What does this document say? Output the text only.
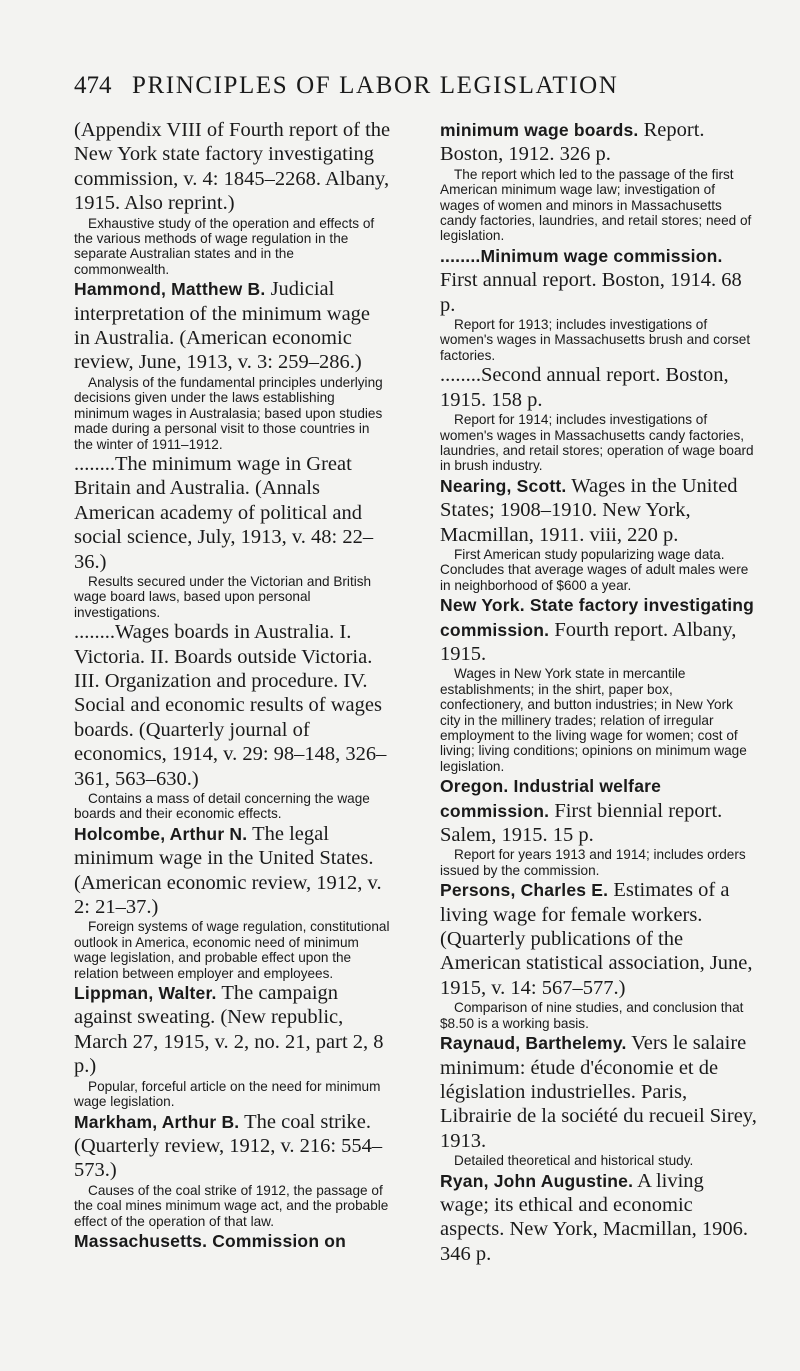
474 PRINCIPLES OF LABOR LEGISLATION

(Appendix VIII of Fourth report of the New York state factory investigating commission, v. 4: 1845–2268. Albany, 1915. Also reprint.)

Exhaustive study of the operation and effects of the various methods of wage regulation in the separate Australian states and in the commonwealth.

Hammond, Matthew B. Judicial interpretation of the minimum wage in Australia. (American economic review, June, 1913, v. 3: 259–286.)

Analysis of the fundamental principles underlying decisions given under the laws establishing minimum wages in Australasia; based upon studies made during a personal visit to those countries in the winter of 1911–1912.

........The minimum wage in Great Britain and Australia. (Annals American academy of political and social science, July, 1913, v. 48: 22–36.)

Results secured under the Victorian and British wage board laws, based upon personal investigations.

........Wages boards in Australia. I. Victoria. II. Boards outside Victoria. III. Organization and procedure. IV. Social and economic results of wages boards. (Quarterly journal of economics, 1914, v. 29: 98–148, 326–361, 563–630.)

Contains a mass of detail concerning the wage boards and their economic effects.

Holcombe, Arthur N. The legal minimum wage in the United States. (American economic review, 1912, v. 2: 21–37.)

Foreign systems of wage regulation, constitutional outlook in America, economic need of minimum wage legislation, and probable effect upon the relation between employer and employees.

Lippman, Walter. The campaign against sweating. (New republic, March 27, 1915, v. 2, no. 21, part 2, 8 p.)

Popular, forceful article on the need for minimum wage legislation.

Markham, Arthur B. The coal strike. (Quarterly review, 1912, v. 216: 554–573.)

Causes of the coal strike of 1912, the passage of the coal mines minimum wage act, and the probable effect of the operation of that law.

Massachusetts. Commission on

minimum wage boards. Report. Boston, 1912. 326 p.

The report which led to the passage of the first American minimum wage law; investigation of wages of women and minors in Massachusetts candy factories, laundries, and retail stores; need of legislation.

........Minimum wage commission. First annual report. Boston, 1914. 68 p.

Report for 1913; includes investigations of women's wages in Massachusetts brush and corset factories.

........Second annual report. Boston, 1915. 158 p.

Report for 1914; includes investigations of women's wages in Massachusetts candy factories, laundries, and retail stores; operation of wage board in brush industry.

Nearing, Scott. Wages in the United States; 1908–1910. New York, Macmillan, 1911. viii, 220 p.

First American study popularizing wage data. Concludes that average wages of adult males were in neighborhood of $600 a year.

New York. State factory investigating commission. Fourth report. Albany, 1915.

Wages in New York state in mercantile establishments; in the shirt, paper box, confectionery, and button industries; in New York city in the millinery trades; relation of irregular employment to the living wage for women; cost of living; living conditions; opinions on minimum wage legislation.

Oregon. Industrial welfare commission. First biennial report. Salem, 1915. 15 p.

Report for years 1913 and 1914; includes orders issued by the commission.

Persons, Charles E. Estimates of a living wage for female workers. (Quarterly publications of the American statistical association, June, 1915, v. 14: 567–577.)

Comparison of nine studies, and conclusion that $8.50 is a working basis.

Raynaud, Barthelemy. Vers le salaire minimum: étude d'économie et de législation industrielles. Paris, Librairie de la société du recueil Sirey, 1913.

Detailed theoretical and historical study.

Ryan, John Augustine. A living wage; its ethical and economic aspects. New York, Macmillan, 1906. 346 p.
